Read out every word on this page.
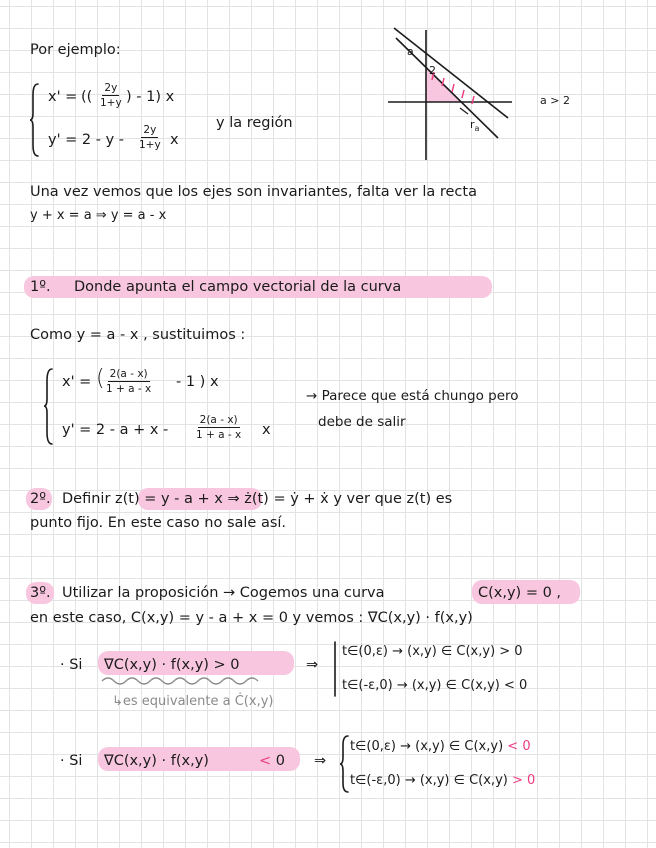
Por ejemplo:
x' = (( $\frac{2y}{1+y}$ ) - 1) x
$y' = 2 - y - \frac{2y}{1+y}$ x
y la región
a
2
$r_a$
a > 2
Una vez vemos que los ejes son invariantes, falta ver la recta
y + x = a ⇒ y = a - x
1º. Donde apunta el campo vectorial de la curva
Como y = a - x , sustituimos :
x' = ( $\frac{2(a - x)}{1 + a - x} - 1$ ) x
y' = 2 - a + x -	$\frac{2(a - x)}{1 + a - x}$ x
→ Parece que está chungo pero
debe de salir
2º. Definir z(t) = y - a + x ⇒ ż(t) = ẏ + ẋ y ver que z(t) es
punto fijo. En este caso no sale así.
3º. Utilizar la proposición → Cogemos una curva	C(x,y) = 0 ,
en este caso, C(x,y) = y - a + x = 0 y vemos : ∇C(x,y) · f(x,y)
· Si ∇C(x,y) · f(x,y) > 0	⇒
t∈(0,ε) → (x,y) ∈ C(x,y) > 0
t∈(-ε,0) → (x,y) ∈ C(x,y) < 0
↳es equivalente a Ċ(x,y)
· Si ∇C(x,y) · f(x,y)	< 0 ⇒
t∈(0,ε) → (x,y) ∈ C(x,y) < 0
t∈(-ε,0) → (x,y) ∈ C(x,y) > 0
